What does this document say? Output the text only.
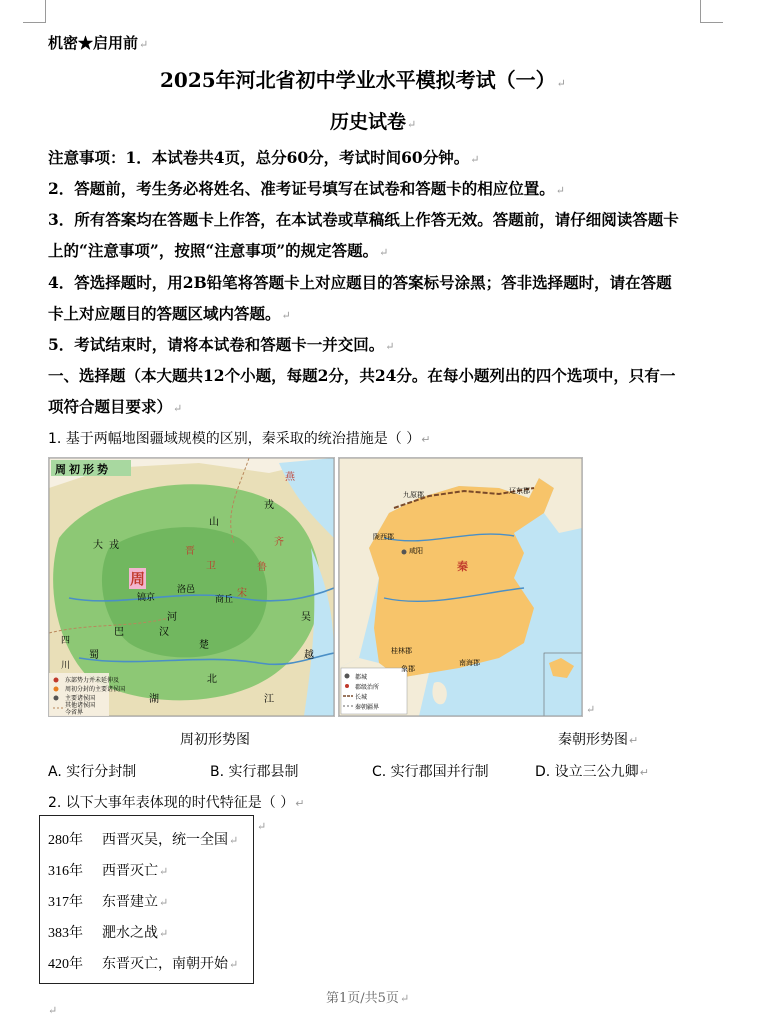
机密★启用前↵
2025年河北省初中学业水平模拟考试（一）↵
历史试卷↵
注意事项：1．本试卷共4页，总分60分，考试时间60分钟。↵
2．答题前，考生务必将姓名、准考证号填写在试卷和答题卡的相应位置。↵
3．所有答案均在答题卡上作答，在本试卷或草稿纸上作答无效。答题前，请仔细阅读答题卡
上的“注意事项”，按照“注意事项”的规定答题。↵
4．答选择题时，用2B铅笔将答题卡上对应题目的答案标号涂黑；答非选择题时，请在答题
卡上对应题目的答题区域内答题。↵
5．考试结束时，请将本试卷和答题卡一并交回。↵
一、选择题（本大题共12个小题，每题2分，共24分。在每小题列出的四个选项中，只有一
项符合题目要求）↵
1. 基于两幅地图疆域规模的区别，秦采取的统治措施是（ ）↵
周初形势
周
大戎
燕
山
戎
齐
鲁
宋
卫
晋
镐京
洛邑
商丘
楚
吴
越
江
河
汉
巴
蜀
四
川
湖
北
东部势力并未延伸及
周初分封的主要诸侯国
主要诸侯国
其他诸侯国
今省界
秦
辽东郡
九原郡
咸阳
陇西郡
桂林郡
南海郡
象郡
都城
郡级治所
长城
秦朝疆界	↵
周初形势图	秦朝形势图↵
A. 实行分封制	B. 实行郡县制	C. 实行郡国并行制	D. 设立三公九卿↵
2. 以下大事年表体现的时代特征是（ ）↵
280年 西晋灭吴，统一全国↵
316年 西晋灭亡↵
317年 东晋建立↵
383年 淝水之战↵
420年 东晋灭亡，南朝开始↵
↵
第1页/共5页↵
↵
